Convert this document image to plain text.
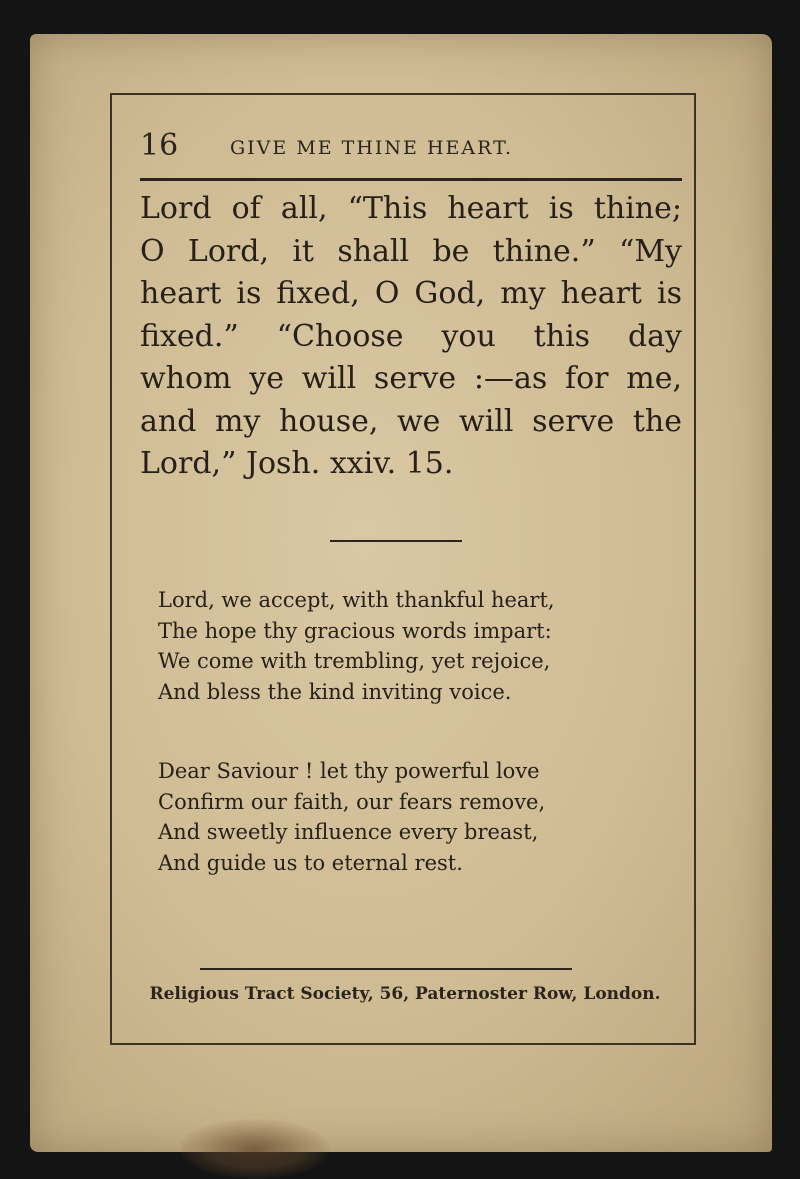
16	GIVE ME THINE HEART.
Lord of all, “This heart is thine;
O Lord, it shall be thine.” “My
heart is fixed, O God, my heart is
fixed.” “Choose you this day
whom ye will serve :—as for me,
and my house, we will serve the
Lord,” Josh. xxiv. 15.
Lord, we accept, with thankful heart,
The hope thy gracious words impart:
We come with trembling, yet rejoice,
And bless the kind inviting voice.
Dear Saviour ! let thy powerful love
Confirm our faith, our fears remove,
And sweetly influence every breast,
And guide us to eternal rest.
Religious Tract Society, 56, Paternoster Row, London.
